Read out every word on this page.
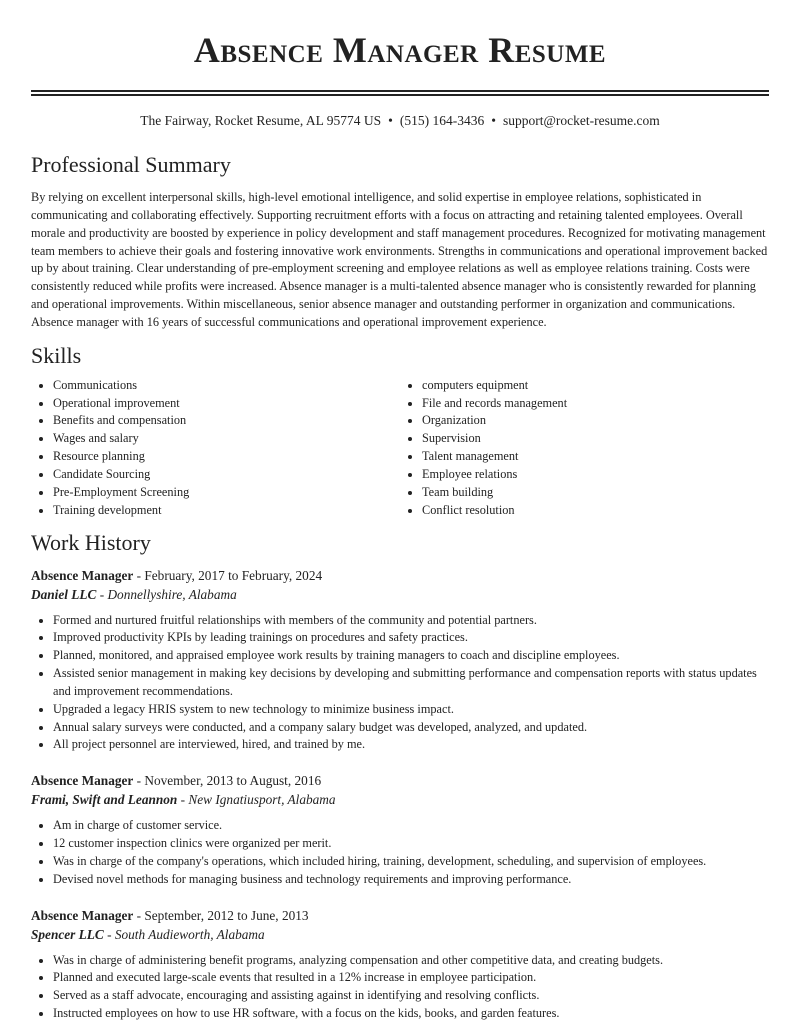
Absence Manager Resume
The Fairway, Rocket Resume, AL 95774 US • (515) 164-3436 • support@rocket-resume.com
Professional Summary

By relying on excellent interpersonal skills, high-level emotional intelligence, and solid expertise in employee relations, sophisticated in communicating and collaborating effectively. Supporting recruitment efforts with a focus on attracting and retaining talented employees. Overall morale and productivity are boosted by experience in policy development and staff management procedures. Recognized for motivating management team members to achieve their goals and fostering innovative work environments. Strengths in communications and operational improvement backed up by about training. Clear understanding of pre-employment screening and employee relations as well as employee relations training. Costs were consistently reduced while profits were increased. Absence manager is a multi-talented absence manager who is consistently rewarded for planning and operational improvements. Within miscellaneous, senior absence manager and outstanding performer in organization and communications. Absence manager with 16 years of successful communications and operational improvement experience.

Skills
• Communications
• Operational improvement
• Benefits and compensation
• Wages and salary
• Resource planning
• Candidate Sourcing
• Pre-Employment Screening
• Training development
• computers equipment
• File and records management
• Organization
• Supervision
• Talent management
• Employee relations
• Team building
• Conflict resolution
Work History
Absence Manager - February, 2017 to February, 2024
Daniel LLC - Donnellyshire, Alabama
• Formed and nurtured fruitful relationships with members of the community and potential partners.
• Improved productivity KPIs by leading trainings on procedures and safety practices.
• Planned, monitored, and appraised employee work results by training managers to coach and discipline employees.
• Assisted senior management in making key decisions by developing and submitting performance and compensation reports with status updates and improvement recommendations.
• Upgraded a legacy HRIS system to new technology to minimize business impact.
• Annual salary surveys were conducted, and a company salary budget was developed, analyzed, and updated.
• All project personnel are interviewed, hired, and trained by me.
Absence Manager - November, 2013 to August, 2016
Frami, Swift and Leannon - New Ignatiusport, Alabama
• Am in charge of customer service.
• 12 customer inspection clinics were organized per merit.
• Was in charge of the company's operations, which included hiring, training, development, scheduling, and supervision of employees.
• Devised novel methods for managing business and technology requirements and improving performance.
Absence Manager - September, 2012 to June, 2013
Spencer LLC - South Audieworth, Alabama
• Was in charge of administering benefit programs, analyzing compensation and other competitive data, and creating budgets.
• Planned and executed large-scale events that resulted in a 12% increase in employee participation.
• Served as a staff advocate, encouraging and assisting against in identifying and resolving conflicts.
• Instructed employees on how to use HR software, with a focus on the kids, books, and garden features.
